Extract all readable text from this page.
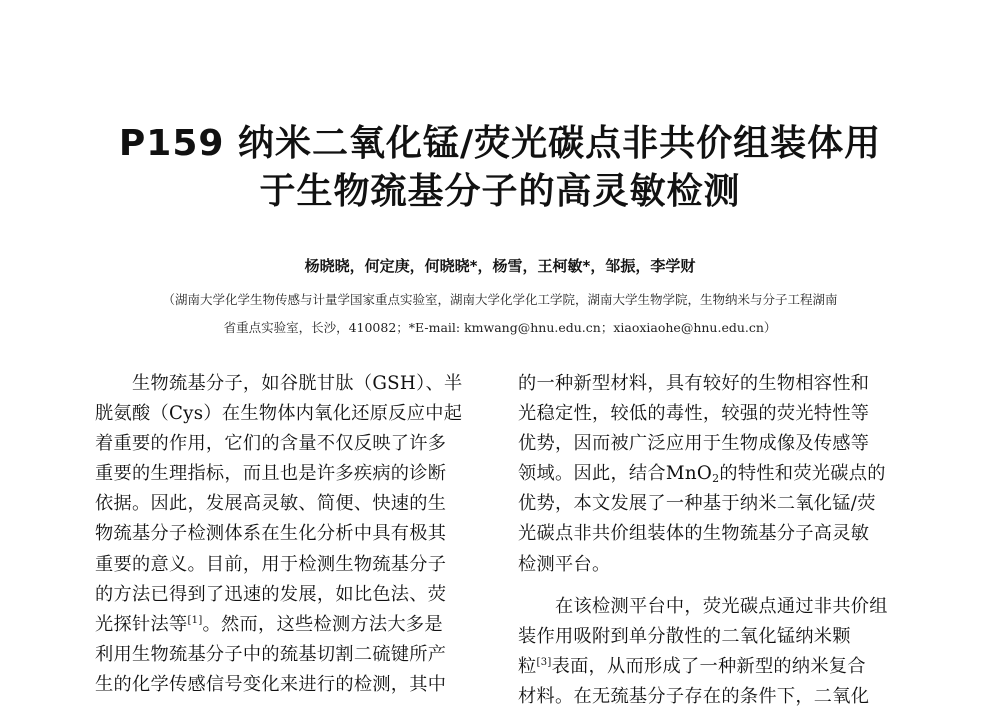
P159 纳米二氧化锰/荧光碳点非共价组装体用
于生物巯基分子的高灵敏检测
杨晓晓，何定庚，何晓晓*，杨雪，王柯敏*，邹振，李学财
（湖南大学化学生物传感与计量学国家重点实验室，湖南大学化学化工学院，湖南大学生物学院，生物纳米与分子工程湖南
省重点实验室，长沙，410082；*E-mail: kmwang@hnu.edu.cn；xiaoxiaohe@hnu.edu.cn）
生物巯基分子，如谷胱甘肽（GSH）、半
胱氨酸（Cys）在生物体内氧化还原反应中起
着重要的作用，它们的含量不仅反映了许多
重要的生理指标，而且也是许多疾病的诊断
依据。因此，发展高灵敏、简便、快速的生
物巯基分子检测体系在生化分析中具有极其
重要的意义。目前，用于检测生物巯基分子
的方法已得到了迅速的发展，如比色法、荧
光探针法等[1]。然而，这些检测方法大多是
利用生物巯基分子中的巯基切割二硫键所产
生的化学传感信号变化来进行的检测，其中
的一种新型材料，具有较好的生物相容性和
光稳定性，较低的毒性，较强的荧光特性等
优势，因而被广泛应用于生物成像及传感等
领域。因此，结合MnO$_2$的特性和荧光碳点的
优势，本文发展了一种基于纳米二氧化锰/荧
光碳点非共价组装体的生物巯基分子高灵敏
检测平台。
在该检测平台中，荧光碳点通过非共价组
装作用吸附到单分散性的二氧化锰纳米颗
粒[3]表面，从而形成了一种新型的纳米复合
材料。在无巯基分子存在的条件下，二氧化
